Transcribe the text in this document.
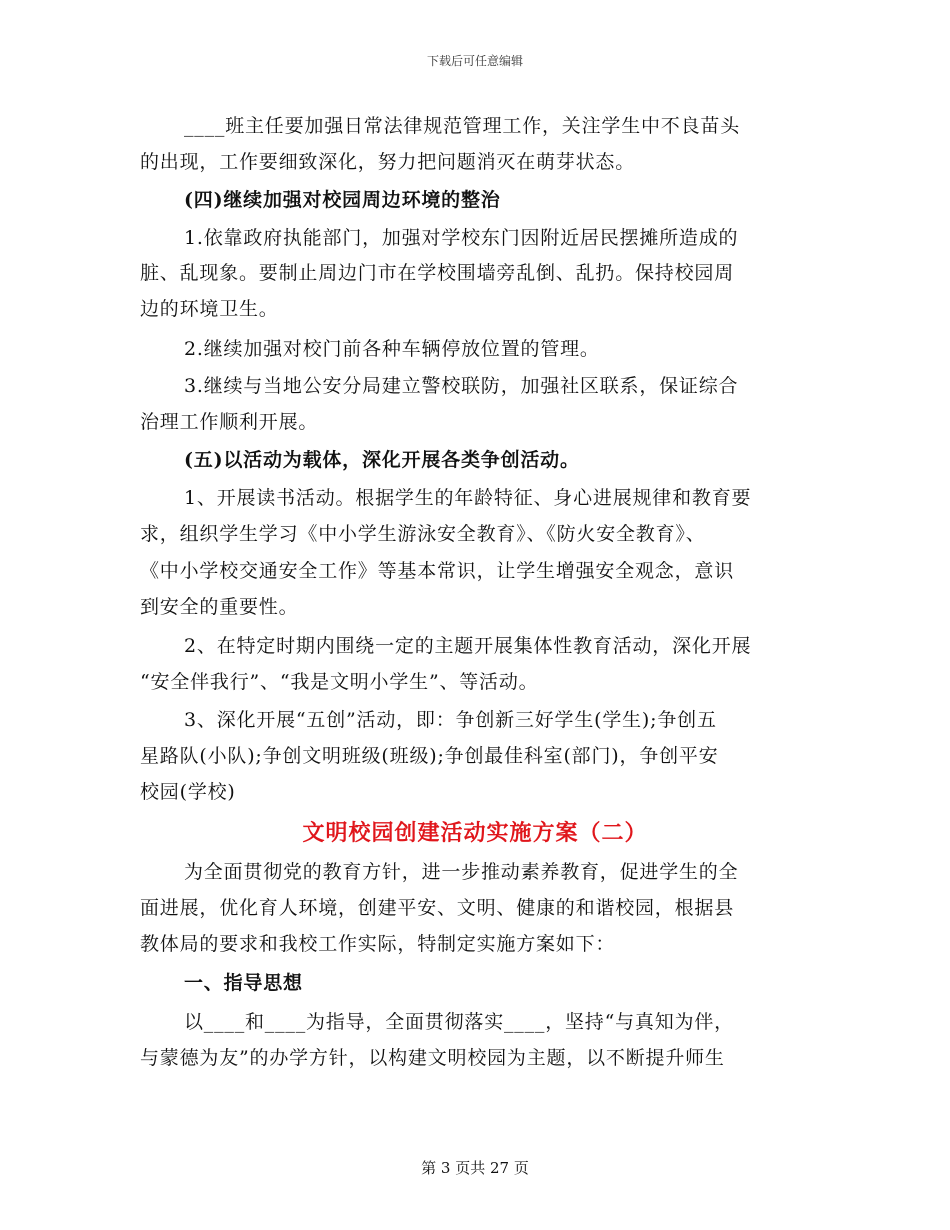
下载后可任意编辑
____班主任要加强日常法律规范管理工作，关注学生中不良苗头
的出现，工作要细致深化，努力把问题消灭在萌芽状态。
(四)继续加强对校园周边环境的整治
1.依靠政府执能部门，加强对学校东门因附近居民摆摊所造成的
脏、乱现象。要制止周边门市在学校围墙旁乱倒、乱扔。保持校园周
边的环境卫生。
2.继续加强对校门前各种车辆停放位置的管理。
3.继续与当地公安分局建立警校联防，加强社区联系，保证综合
治理工作顺利开展。
(五)以活动为载体，深化开展各类争创活动。
1、开展读书活动。根据学生的年龄特征、身心进展规律和教育要
求，组织学生学习《中小学生游泳安全教育》、《防火安全教育》、
《中小学校交通安全工作》等基本常识，让学生增强安全观念，意识
到安全的重要性。
2、在特定时期内围绕一定的主题开展集体性教育活动，深化开展
“安全伴我行”、“我是文明小学生”、等活动。
3、深化开展“五创”活动，即：争创新三好学生(学生);争创五
星路队(小队);争创文明班级(班级);争创最佳科室(部门)，争创平安
校园(学校)
文明校园创建活动实施方案（二）
为全面贯彻党的教育方针，进一步推动素养教育，促进学生的全
面进展，优化育人环境，创建平安、文明、健康的和谐校园，根据县
教体局的要求和我校工作实际，特制定实施方案如下：
一、指导思想
以____和____为指导，全面贯彻落实____，坚持“与真知为伴，
与蒙德为友”的办学方针，以构建文明校园为主题，以不断提升师生
第 3 页共 27 页
